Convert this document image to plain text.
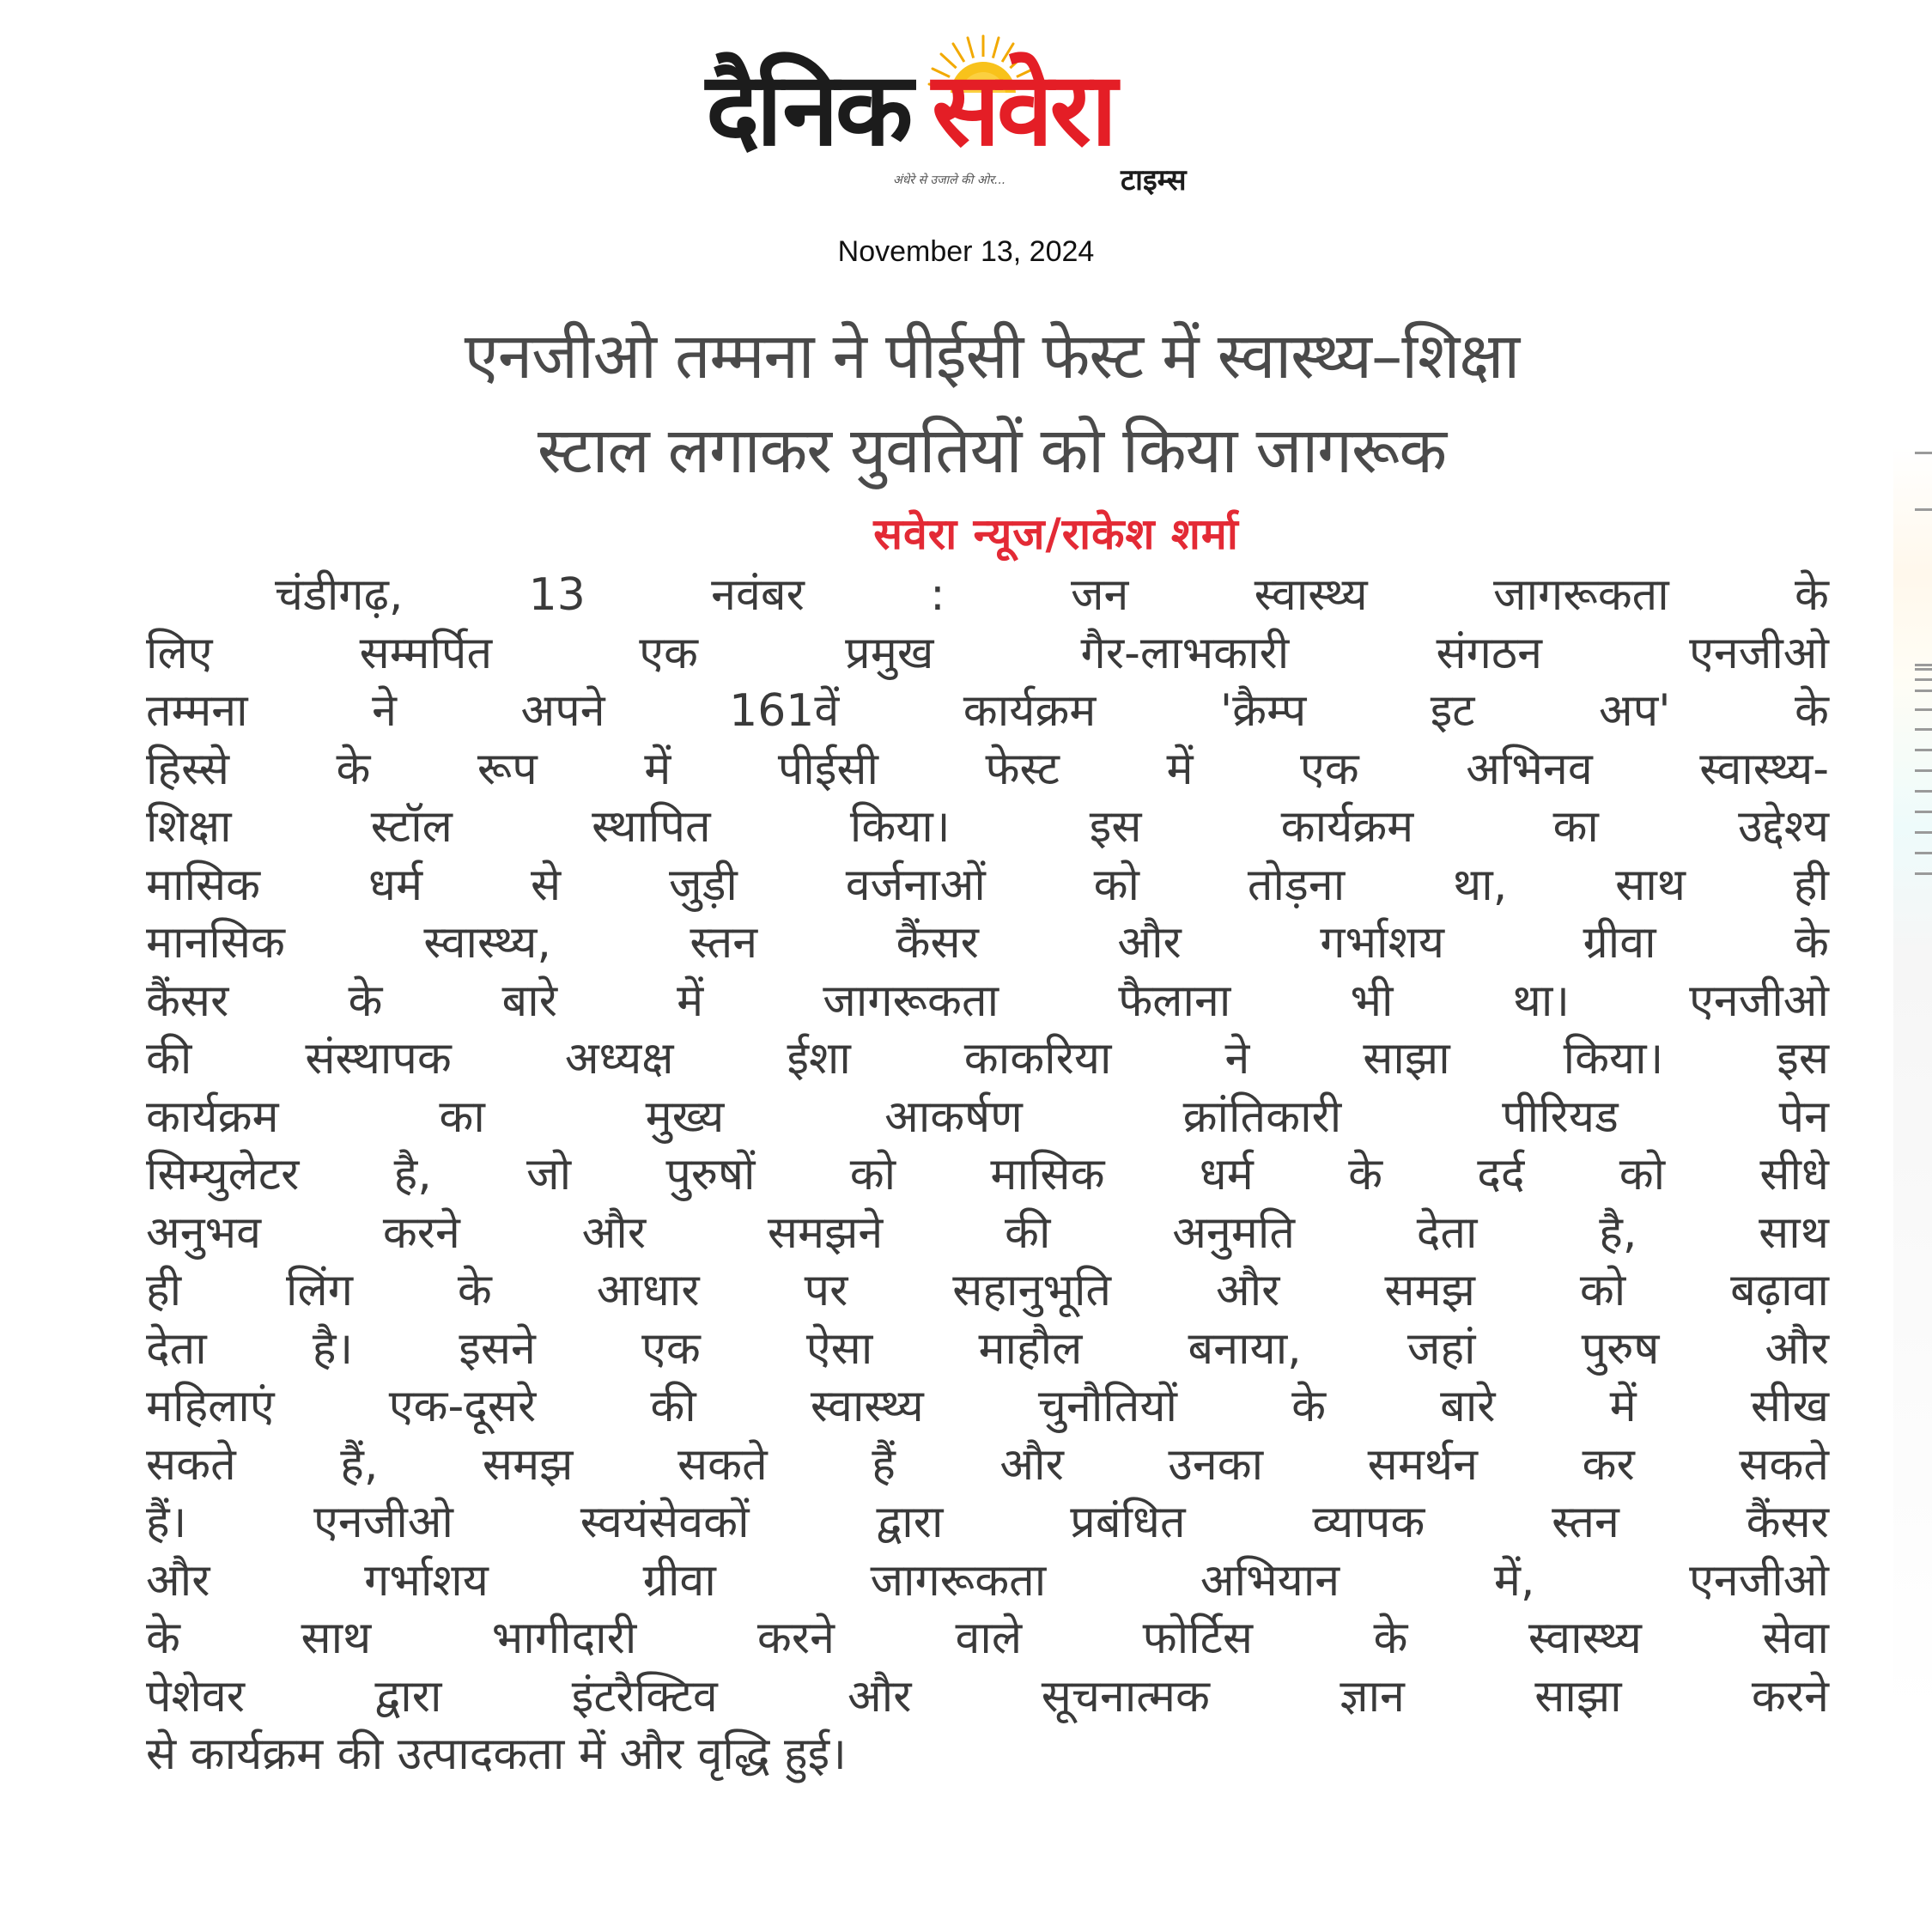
दैनिक सवेरा
अंधेरे से उजाले की ओर...	टाइम्स
November 13, 2024
एनजीओ तम्मना ने पीईसी फेस्ट में स्वास्थ्य–शिक्षा
स्टाल लगाकर युवतियों को किया जागरूक
सवेरा न्यूज/राकेश शर्मा
चंडीगढ़, 13 नवंबर : जन स्वास्थ्य जागरूकता के
लिए सम्मर्पित एक प्रमुख गैर-लाभकारी संगठन एनजीओ
तम्मना ने अपने 161वें कार्यक्रम 'क्रैम्प इट अप' के
हिस्से के रूप में पीईसी फेस्ट में एक अभिनव स्वास्थ्य-
शिक्षा स्टॉल स्थापित किया। इस कार्यक्रम का उद्देश्य
मासिक धर्म से जुड़ी वर्जनाओं को तोड़ना था, साथ ही
मानसिक स्वास्थ्य, स्तन कैंसर और गर्भाशय ग्रीवा के
कैंसर के बारे में जागरूकता फैलाना भी था। एनजीओ
की संस्थापक अध्यक्ष ईशा काकरिया ने साझा किया। इस
कार्यक्रम का मुख्य आकर्षण क्रांतिकारी पीरियड पेन
सिम्युलेटर है, जो पुरुषों को मासिक धर्म के दर्द को सीधे
अनुभव करने और समझने की अनुमति देता है, साथ
ही लिंग के आधार पर सहानुभूति और समझ को बढ़ावा
देता है। इसने एक ऐसा माहौल बनाया, जहां पुरुष और
महिलाएं एक-दूसरे की स्वास्थ्य चुनौतियों के बारे में सीख
सकते हैं, समझ सकते हैं और उनका समर्थन कर सकते
हैं। एनजीओ स्वयंसेवकों द्वारा प्रबंधित व्यापक स्तन कैंसर
और गर्भाशय ग्रीवा जागरूकता अभियान में, एनजीओ
के साथ भागीदारी करने वाले फोर्टिस के स्वास्थ्य सेवा
पेशेवर द्वारा इंटरैक्टिव और सूचनात्मक ज्ञान साझा करने
से कार्यक्रम की उत्पादकता में और वृद्धि हुई।
